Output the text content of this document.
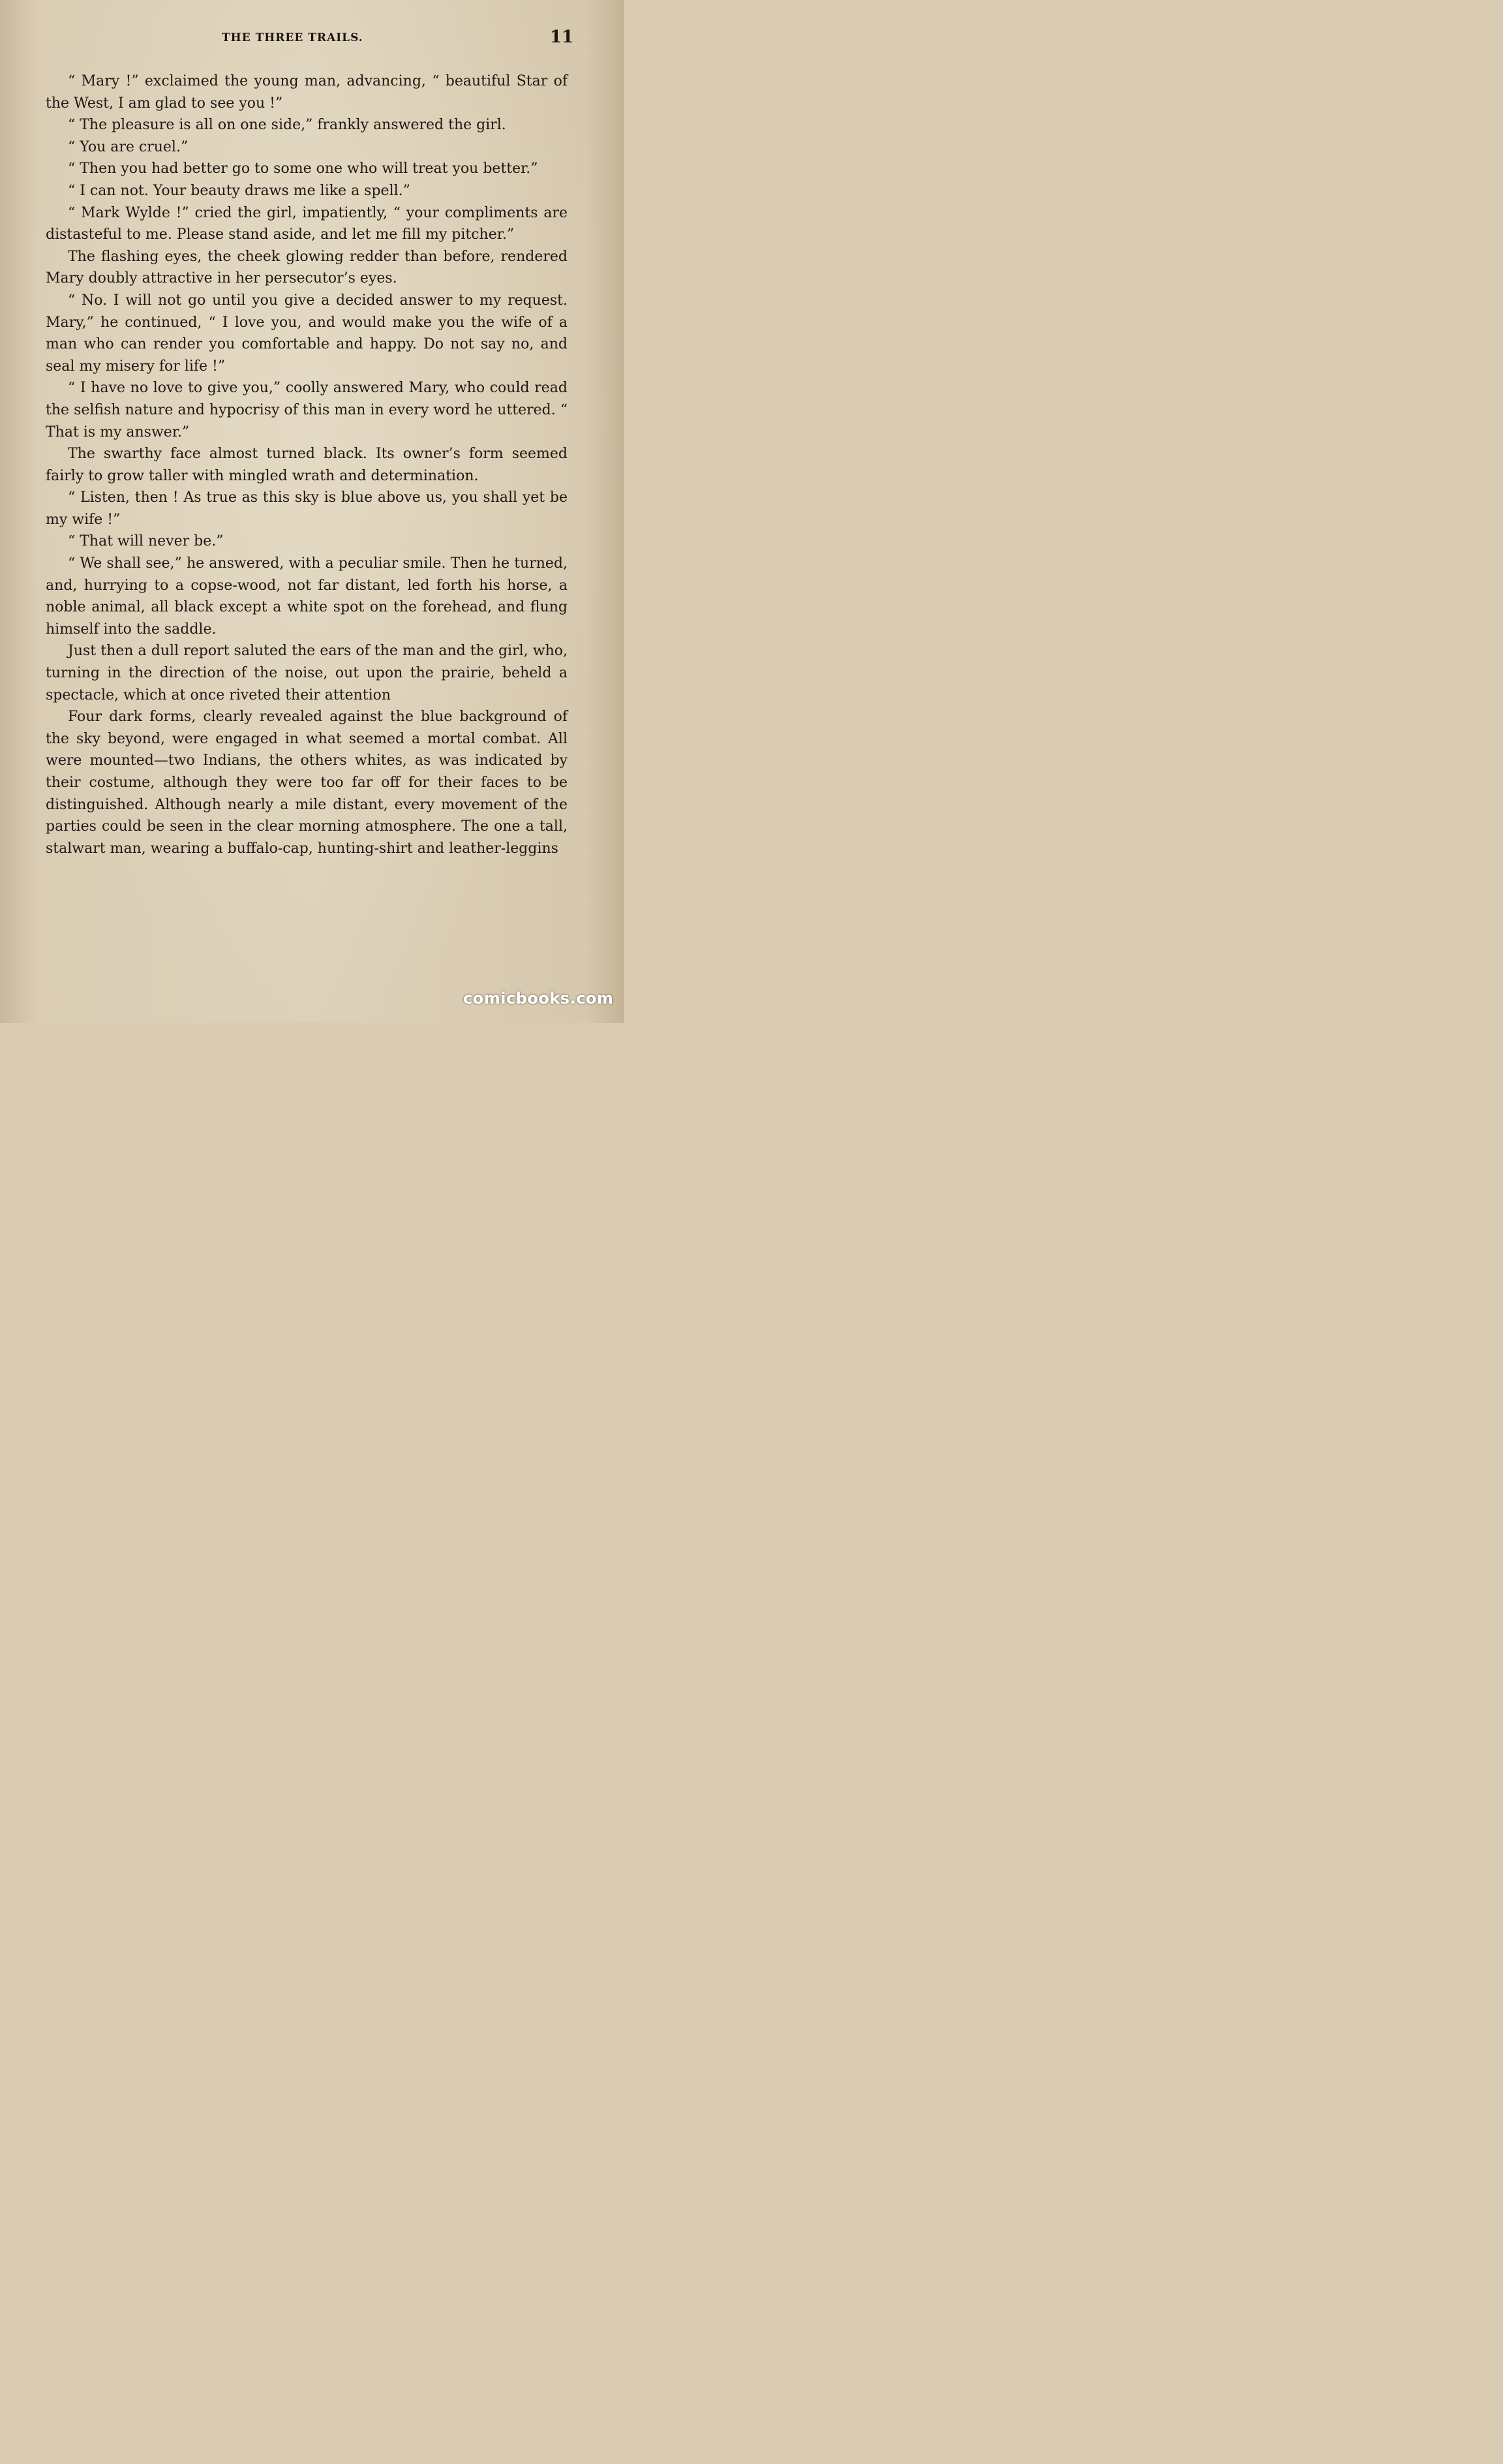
THE THREE TRAILS.	11

“ Mary !” exclaimed the young man, advancing, “ beautiful Star of the West, I am glad to see you !”

“ The pleasure is all on one side,” frankly answered the girl.

“ You are cruel.”

“ Then you had better go to some one who will treat you better.”

“ I can not. Your beauty draws me like a spell.”

“ Mark Wylde !” cried the girl, impatiently, “ your compliments are distasteful to me. Please stand aside, and let me fill my pitcher.”

The flashing eyes, the cheek glowing redder than before, rendered Mary doubly attractive in her persecutor’s eyes.

“ No. I will not go until you give a decided answer to my request. Mary,” he continued, “ I love you, and would make you the wife of a man who can render you comfortable and happy. Do not say no, and seal my misery for life !”

“ I have no love to give you,” coolly answered Mary, who could read the selfish nature and hypocrisy of this man in every word he uttered. “ That is my answer.”

The swarthy face almost turned black. Its owner’s form seemed fairly to grow taller with mingled wrath and determination.

“ Listen, then ! As true as this sky is blue above us, you shall yet be my wife !”

“ That will never be.”

“ We shall see,” he answered, with a peculiar smile. Then he turned, and, hurrying to a copse-wood, not far distant, led forth his horse, a noble animal, all black except a white spot on the forehead, and flung himself into the saddle.

Just then a dull report saluted the ears of the man and the girl, who, turning in the direction of the noise, out upon the prairie, beheld a spectacle, which at once riveted their attention

Four dark forms, clearly revealed against the blue background of the sky beyond, were engaged in what seemed a mortal combat. All were mounted—two Indians, the others whites, as was indicated by their costume, although they were too far off for their faces to be distinguished. Although nearly a mile distant, every movement of the parties could be seen in the clear morning atmosphere. The one a tall, stalwart man, wearing a buffalo-cap, hunting-shirt and leather-leggins

comicbooks.com
